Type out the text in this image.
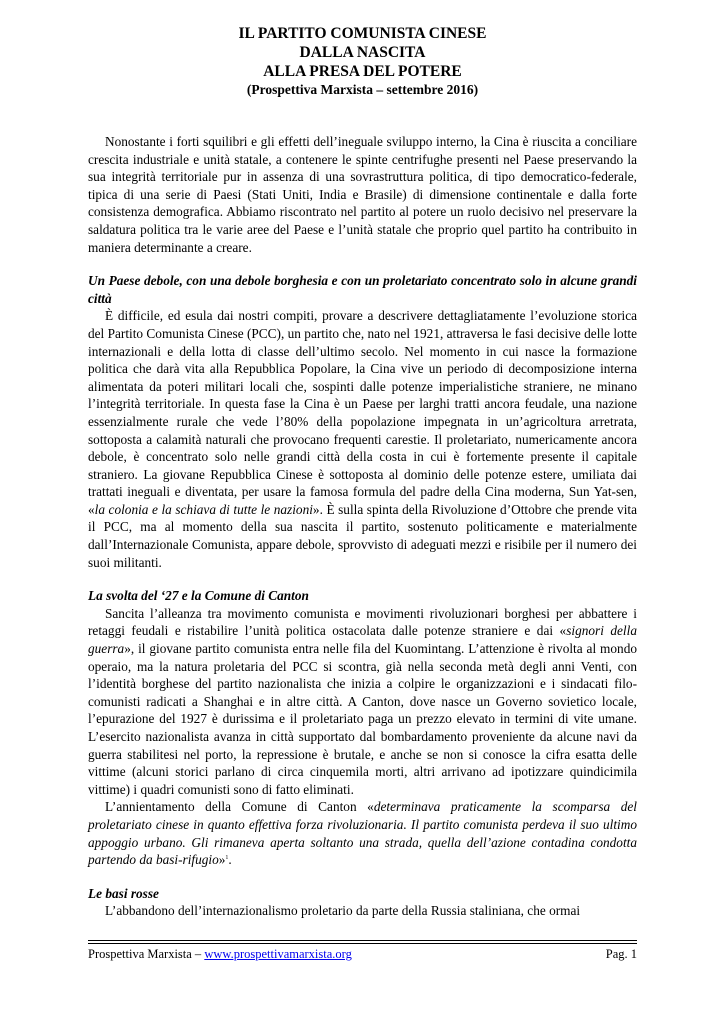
IL PARTITO COMUNISTA CINESE
DALLA NASCITA
ALLA PRESA DEL POTERE
(Prospettiva Marxista – settembre 2016)

Nonostante i forti squilibri e gli effetti dell’ineguale sviluppo interno, la Cina è riuscita a conciliare crescita industriale e unità statale, a contenere le spinte centrifughe presenti nel Paese preservando la sua integrità territoriale pur in assenza di una sovrastruttura politica, di tipo democratico-federale, tipica di una serie di Paesi (Stati Uniti, India e Brasile) di dimensione continentale e dalla forte consistenza demografica. Abbiamo riscontrato nel partito al potere un ruolo decisivo nel preservare la saldatura politica tra le varie aree del Paese e l’unità statale che proprio quel partito ha contribuito in maniera determinante a creare.

Un Paese debole, con una debole borghesia e con un proletariato concentrato solo in alcune grandi città

È difficile, ed esula dai nostri compiti, provare a descrivere dettagliatamente l’evoluzione storica del Partito Comunista Cinese (PCC), un partito che, nato nel 1921, attraversa le fasi decisive delle lotte internazionali e della lotta di classe dell’ultimo secolo. Nel momento in cui nasce la formazione politica che darà vita alla Repubblica Popolare, la Cina vive un periodo di decomposizione interna alimentata da poteri militari locali che, sospinti dalle potenze imperialistiche straniere, ne minano l’integrità territoriale. In questa fase la Cina è un Paese per larghi tratti ancora feudale, una nazione essenzialmente rurale che vede l’80% della popolazione impegnata in un’agricoltura arretrata, sottoposta a calamità naturali che provocano frequenti carestie. Il proletariato, numericamente ancora debole, è concentrato solo nelle grandi città della costa in cui è fortemente presente il capitale straniero. La giovane Repubblica Cinese è sottoposta al dominio delle potenze estere, umiliata dai trattati ineguali e diventata, per usare la famosa formula del padre della Cina moderna, Sun Yat-sen, «la colonia e la schiava di tutte le nazioni». È sulla spinta della Rivoluzione d’Ottobre che prende vita il PCC, ma al momento della sua nascita il partito, sostenuto politicamente e materialmente dall’Internazionale Comunista, appare debole, sprovvisto di adeguati mezzi e risibile per il numero dei suoi militanti.

La svolta del ‘27 e la Comune di Canton

Sancita l’alleanza tra movimento comunista e movimenti rivoluzionari borghesi per abbattere i retaggi feudali e ristabilire l’unità politica ostacolata dalle potenze straniere e dai «signori della guerra», il giovane partito comunista entra nelle fila del Kuomintang. L’attenzione è rivolta al mondo operaio, ma la natura proletaria del PCC si scontra, già nella seconda metà degli anni Venti, con l’identità borghese del partito nazionalista che inizia a colpire le organizzazioni e i sindacati filo-comunisti radicati a Shanghai e in altre città. A Canton, dove nasce un Governo sovietico locale, l’epurazione del 1927 è durissima e il proletariato paga un prezzo elevato in termini di vite umane. L’esercito nazionalista avanza in città supportato dal bombardamento proveniente da alcune navi da guerra stabilitesi nel porto, la repressione è brutale, e anche se non si conosce la cifra esatta delle vittime (alcuni storici parlano di circa cinquemila morti, altri arrivano ad ipotizzare quindicimila vittime) i quadri comunisti sono di fatto eliminati.

L’annientamento della Comune di Canton «determinava praticamente la scomparsa del proletariato cinese in quanto effettiva forza rivoluzionaria. Il partito comunista perdeva il suo ultimo appoggio urbano. Gli rimaneva aperta soltanto una strada, quella dell’azione contadina condotta partendo da basi-rifugio»$^1$.

Le basi rosse

L’abbandono dell’internazionalismo proletario da parte della Russia staliniana, che ormai

Prospettiva Marxista – www.prospettivamarxista.org	Pag. 1
